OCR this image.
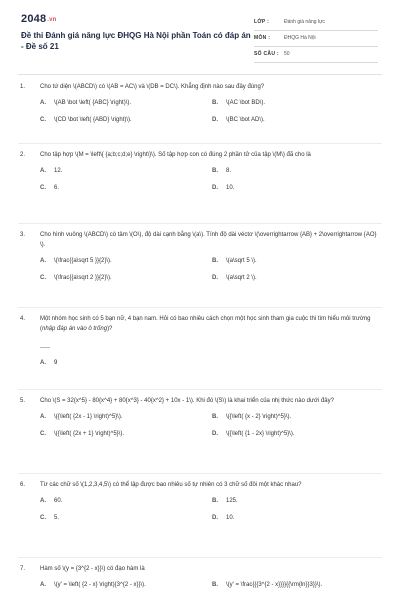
2048.vn
Đề thi Đánh giá năng lực ĐHQG Hà Nội phần Toán có đáp án - Đề số 21
LỚP :	Đánh giá năng lực
MÔN :	ĐHQG Hà Nội
SỐ CÂU : 50
1. Cho tứ diện \(ABCD\) có \(AB = AC\) và \(DB = DC\). Khẳng định nào sau đây đúng?
A.	\(AB \bot \left( {ABC} \right)\).	B.	\(AC \bot BD\).
C.	\(CD \bot \left( {ABD} \right)\).	D.	\(BC \bot AD\).
2. Cho tập hợp \(M = \left\{ {a;b;c;d;e} \right\}\). Số tập hợp con có đúng 2 phần tử của tập \(M\) đã cho là
A.	12.	B.	8.
C.	6.	D.	10.
3. Cho hình vuông \(ABCD\) có tâm \(O\), độ dài cạnh bằng \(a\). Tính độ dài véctơ \(\overrightarrow {AB} + 2\overrightarrow {AO} \).
A.	\(\frac{{a\sqrt 5 }}{2}\).	B.	\(a\sqrt 5 \).
C.	\(\frac{{a\sqrt 2 }}{2}\).	D.	\(a\sqrt 2 \).
4. Một nhóm học sinh có 5 bạn nữ, 4 bạn nam. Hỏi có bao nhiêu cách chọn một học sinh tham gia cuộc thi tìm hiểu môi trường (nhập đáp án vào ô trống)?
___
A.	9
5. Cho \(S = 32{x^5} - 80{x^4} + 80{x^3} - 40{x^2} + 10x - 1\). Khi đó \(S\) là khai triển của nhị thức nào dưới đây?
A.	\({\left( {2x - 1} \right)^5}\).	B.	\({\left( {x - 2} \right)^5}\).
C.	\({\left( {2x + 1} \right)^5}\).	D.	\({\left( {1 - 2x} \right)^5}\).
6. Từ các chữ số \(1,2,3,4,5\) có thể lập được bao nhiêu số tự nhiên có 3 chữ số đôi một khác nhau?
A.	60.	B.	125.
C.	5.	D.	10.
7. Hàm số \(y = {3^{2 - x}}\) có đạo hàm là
A.	\(y' = \left( {2 - x} \right){3^{2 - x}}\).	B.	\(y' = \frac{{{3^{2 - x}}}}{{\rm{ln}}3}}\).
